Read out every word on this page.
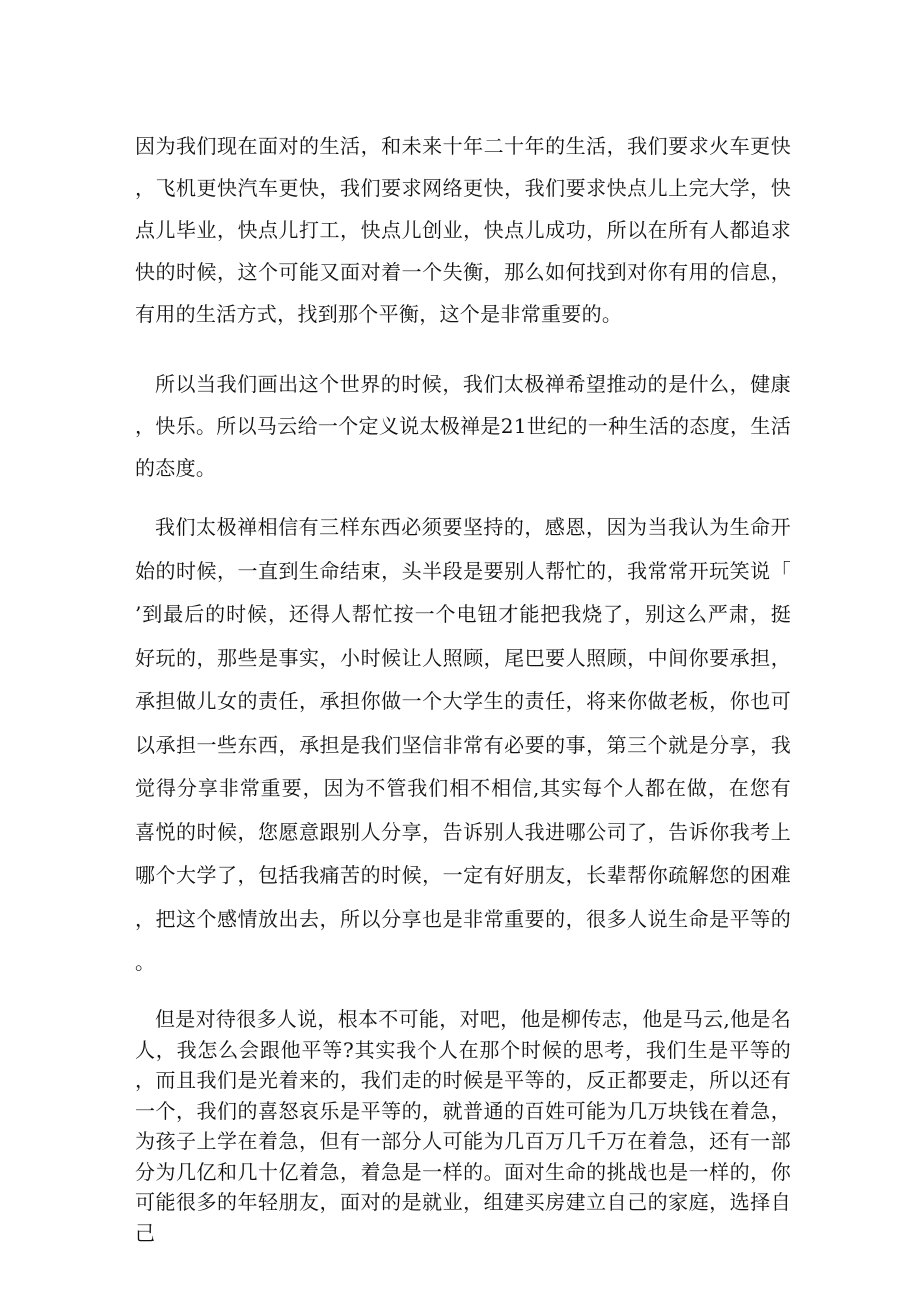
因为我们现在面对的生活，和未来十年二十年的生活，我们要求火车更快，飞机更快汽车更快，我们要求网络更快，我们要求快点儿上完大学，快点儿毕业，快点儿打工，快点儿创业，快点儿成功，所以在所有人都追求快的时候，这个可能又面对着一个失衡，那么如何找到对你有用的信息，有用的生活方式，找到那个平衡，这个是非常重要的。

所以当我们画出这个世界的时候，我们太极禅希望推动的是什么，健康，快乐。所以马云给一个定义说太极禅是21世纪的一种生活的态度，生活的态度。

我们太极禅相信有三样东西必须要坚持的，感恩，因为当我认为生命开始的时候，一直到生命结束，头半段是要别人帮忙的，我常常开玩笑说「’到最后的时候，还得人帮忙按一个电钮才能把我烧了，别这么严肃，挺好玩的，那些是事实，小时候让人照顾，尾巴要人照顾，中间你要承担，承担做儿女的责任，承担你做一个大学生的责任，将来你做老板，你也可以承担一些东西，承担是我们坚信非常有必要的事，第三个就是分享，我觉得分享非常重要，因为不管我们相不相信,其实每个人都在做，在您有喜悦的时候，您愿意跟别人分享，告诉别人我进哪公司了，告诉你我考上哪个大学了，包括我痛苦的时候，一定有好朋友，长辈帮你疏解您的困难，把这个感情放出去，所以分享也是非常重要的，很多人说生命是平等的。

但是对待很多人说，根本不可能，对吧，他是柳传志，他是马云,他是名人，我怎么会跟他平等?其实我个人在那个时候的思考，我们生是平等的，而且我们是光着来的，我们走的时候是平等的，反正都要走，所以还有一个，我们的喜怒哀乐是平等的，就普通的百姓可能为几万块钱在着急，为孩子上学在着急，但有一部分人可能为几百万几千万在着急，还有一部分为几亿和几十亿着急，着急是一样的。面对生命的挑战也是一样的，你可能很多的年轻朋友，面对的是就业，组建买房建立自己的家庭，选择自己
